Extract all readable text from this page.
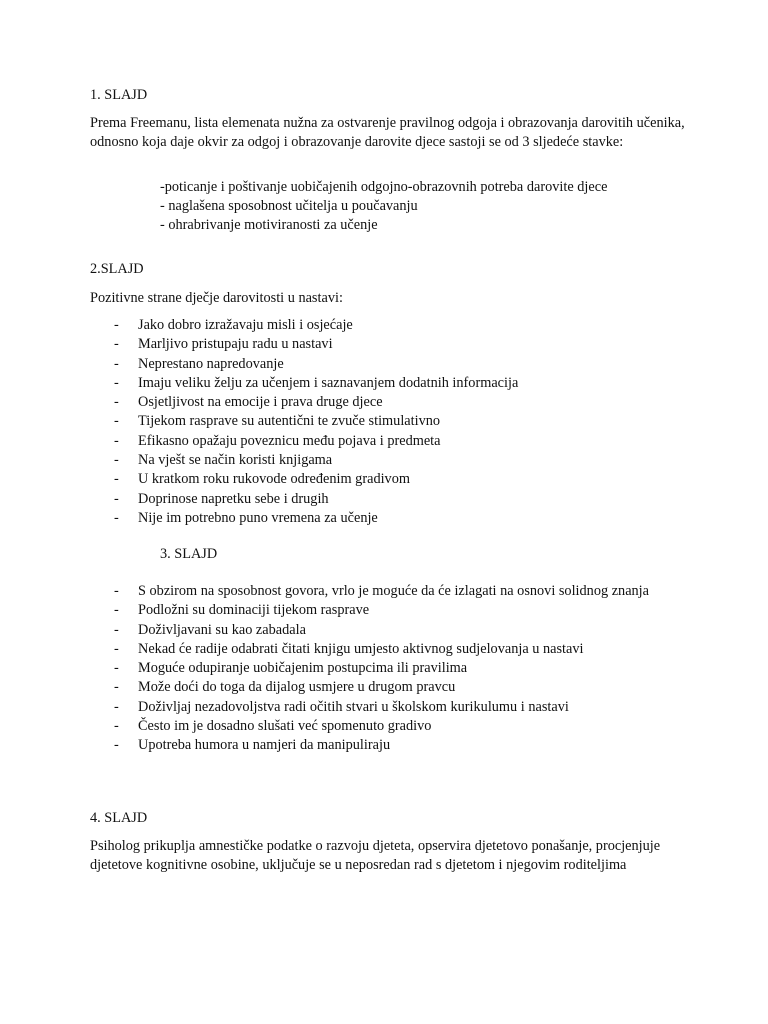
1. SLAJD

Prema Freemanu, lista elemenata nužna za ostvarenje pravilnog odgoja i obrazovanja darovitih učenika, odnosno koja daje okvir za odgoj i obrazovanje darovite djece sastoji se od 3 sljedeće stavke:

-poticanje i poštivanje uobičajenih odgojno-obrazovnih potreba darovite djece
- naglašena sposobnost učitelja u poučavanju
- ohrabrivanje motiviranosti za učenje

2.SLAJD

Pozitivne strane dječje darovitosti u nastavi:

- Jako dobro izražavaju misli i osjećaje
- Marljivo pristupaju radu u nastavi
- Neprestano napredovanje
- Imaju veliku želju za učenjem i saznavanjem dodatnih informacija
- Osjetljivost na emocije i prava druge djece
- Tijekom rasprave su autentični te zvuče stimulativno
- Efikasno opažaju poveznicu među pojava i predmeta
- Na vješt se način koristi knjigama
- U kratkom roku rukovode određenim gradivom
- Doprinose napretku sebe i drugih
- Nije im potrebno puno vremena za učenje

3. SLAJD

- S obzirom na sposobnost govora, vrlo je moguće da će izlagati na osnovi solidnog znanja
- Podložni su dominaciji tijekom rasprave
- Doživljavani su kao zabadala
- Nekad će radije odabrati čitati knjigu umjesto aktivnog sudjelovanja u nastavi
- Moguće odupiranje uobičajenim postupcima ili pravilima
- Može doći do toga da dijalog usmjere u drugom pravcu
- Doživljaj nezadovoljstva radi očitih stvari u školskom kurikulumu i nastavi
- Često im je dosadno slušati već spomenuto gradivo
- Upotreba humora u namjeri da manipuliraju

4. SLAJD

Psiholog prikuplja amnestičke podatke o razvoju djeteta, opservira djetetovo ponašanje, procjenjuje djetetove kognitivne osobine, uključuje se u neposredan rad s djetetom i njegovim roditeljima
